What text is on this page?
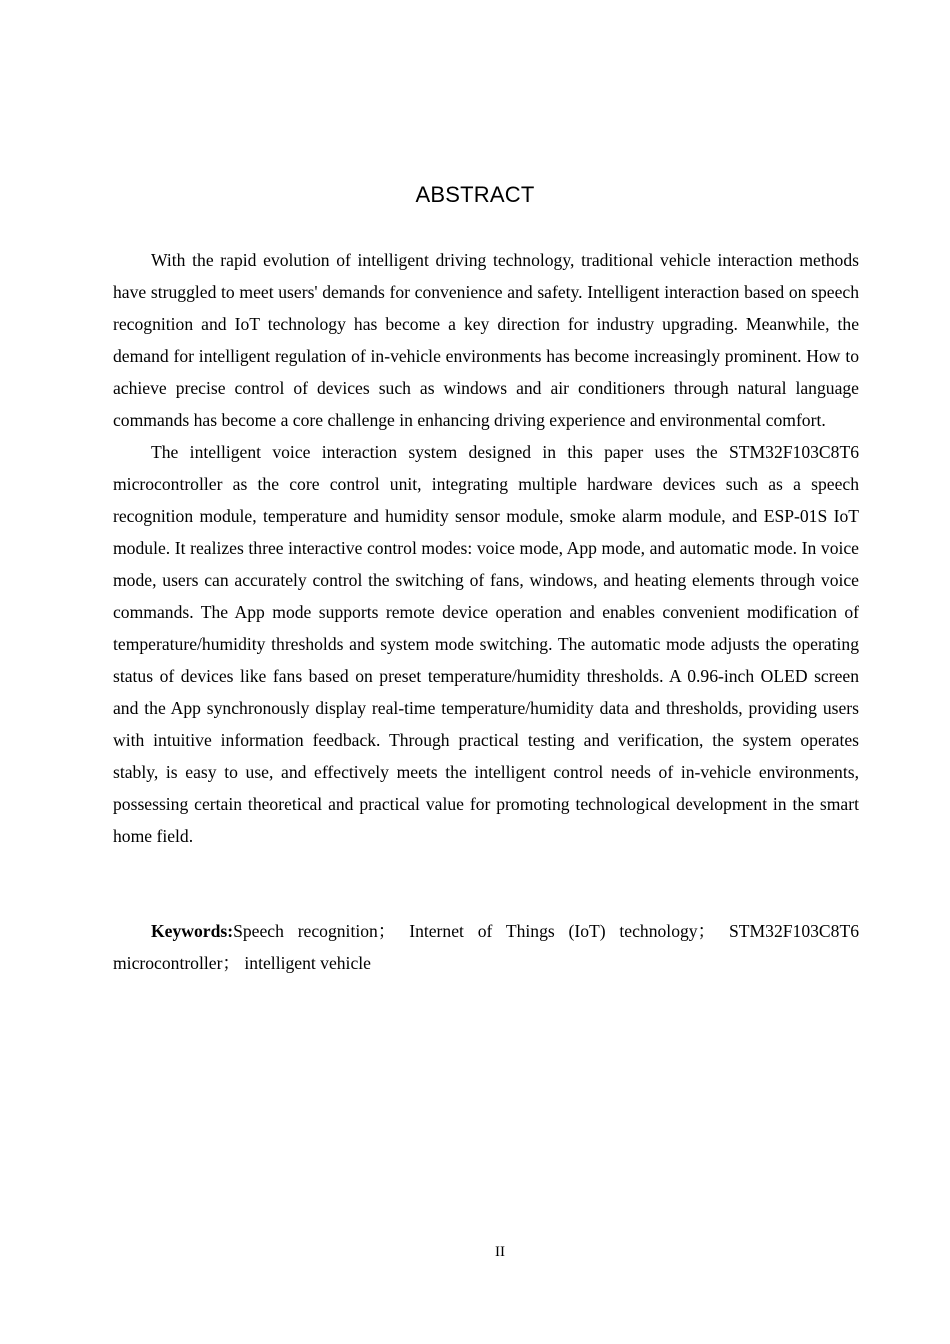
ABSTRACT

With the rapid evolution of intelligent driving technology, traditional vehicle interaction methods have struggled to meet users' demands for convenience and safety. Intelligent interaction based on speech recognition and IoT technology has become a key direction for industry upgrading. Meanwhile, the demand for intelligent regulation of in-vehicle environments has become increasingly prominent. How to achieve precise control of devices such as windows and air conditioners through natural language commands has become a core challenge in enhancing driving experience and environmental comfort.

The intelligent voice interaction system designed in this paper uses the STM32F103C8T6 microcontroller as the core control unit, integrating multiple hardware devices such as a speech recognition module, temperature and humidity sensor module, smoke alarm module, and ESP-01S IoT module. It realizes three interactive control modes: voice mode, App mode, and automatic mode. In voice mode, users can accurately control the switching of fans, windows, and heating elements through voice commands. The App mode supports remote device operation and enables convenient modification of temperature/humidity thresholds and system mode switching. The automatic mode adjusts the operating status of devices like fans based on preset temperature/humidity thresholds. A 0.96-inch OLED screen and the App synchronously display real-time temperature/humidity data and thresholds, providing users with intuitive information feedback. Through practical testing and verification, the system operates stably, is easy to use, and effectively meets the intelligent control needs of in-vehicle environments, possessing certain theoretical and practical value for promoting technological development in the smart home field.

Keywords:Speech recognition； Internet of Things (IoT) technology； STM32F103C8T6 microcontroller； intelligent vehicle
II
